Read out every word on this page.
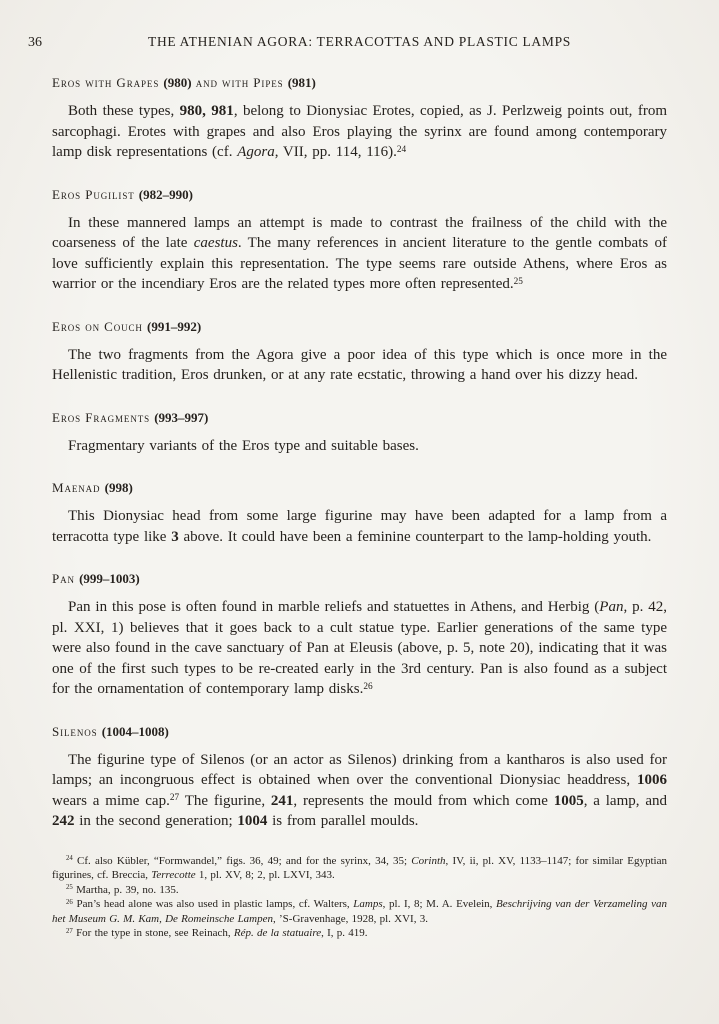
36	THE ATHENIAN AGORA: TERRACOTTAS AND PLASTIC LAMPS
Eros with Grapes (980) and with Pipes (981)

Both these types, 980, 981, belong to Dionysiac Erotes, copied, as J. Perlzweig points out, from sarcophagi. Erotes with grapes and also Eros playing the syrinx are found among contemporary lamp disk representations (cf. Agora, VII, pp. 114, 116).$^{24}$

Eros Pugilist (982–990)

In these mannered lamps an attempt is made to contrast the frailness of the child with the coarseness of the late caestus. The many references in ancient literature to the gentle combats of love sufficiently explain this representation. The type seems rare outside Athens, where Eros as warrior or the incendiary Eros are the related types more often represented.$^{25}$

Eros on Couch (991–992)

The two fragments from the Agora give a poor idea of this type which is once more in the Hellenistic tradition, Eros drunken, or at any rate ecstatic, throwing a hand over his dizzy head.

Eros Fragments (993–997)

Fragmentary variants of the Eros type and suitable bases.

Maenad (998)

This Dionysiac head from some large figurine may have been adapted for a lamp from a terracotta type like 3 above. It could have been a feminine counterpart to the lamp-holding youth.

Pan (999–1003)

Pan in this pose is often found in marble reliefs and statuettes in Athens, and Herbig (Pan, p. 42, pl. XXI, 1) believes that it goes back to a cult statue type. Earlier generations of the same type were also found in the cave sanctuary of Pan at Eleusis (above, p. 5, note 20), indicating that it was one of the first such types to be re-created early in the 3rd century. Pan is also found as a subject for the ornamentation of contemporary lamp disks.$^{26}$

Silenos (1004–1008)

The figurine type of Silenos (or an actor as Silenos) drinking from a kantharos is also used for lamps; an incongruous effect is obtained when over the conventional Dionysiac headdress, 1006 wears a mime cap.$^{27}$ The figurine, 241, represents the mould from which come 1005, a lamp, and 242 in the second generation; 1004 is from parallel moulds.

$^{24}$ Cf. also Kübler, “Formwandel,” figs. 36, 49; and for the syrinx, 34, 35; Corinth, IV, ii, pl. XV, 1133–1147; for similar Egyptian figurines, cf. Breccia, Terrecotte 1, pl. XV, 8; 2, pl. LXVI, 343.

$^{25}$ Martha, p. 39, no. 135.

$^{26}$ Pan’s head alone was also used in plastic lamps, cf. Walters, Lamps, pl. I, 8; M. A. Evelein, Beschrijving van der Verzameling van het Museum G. M. Kam, De Romeinsche Lampen, ’S-Gravenhage, 1928, pl. XVI, 3.

$^{27}$ For the type in stone, see Reinach, Rép. de la statuaire, I, p. 419.
